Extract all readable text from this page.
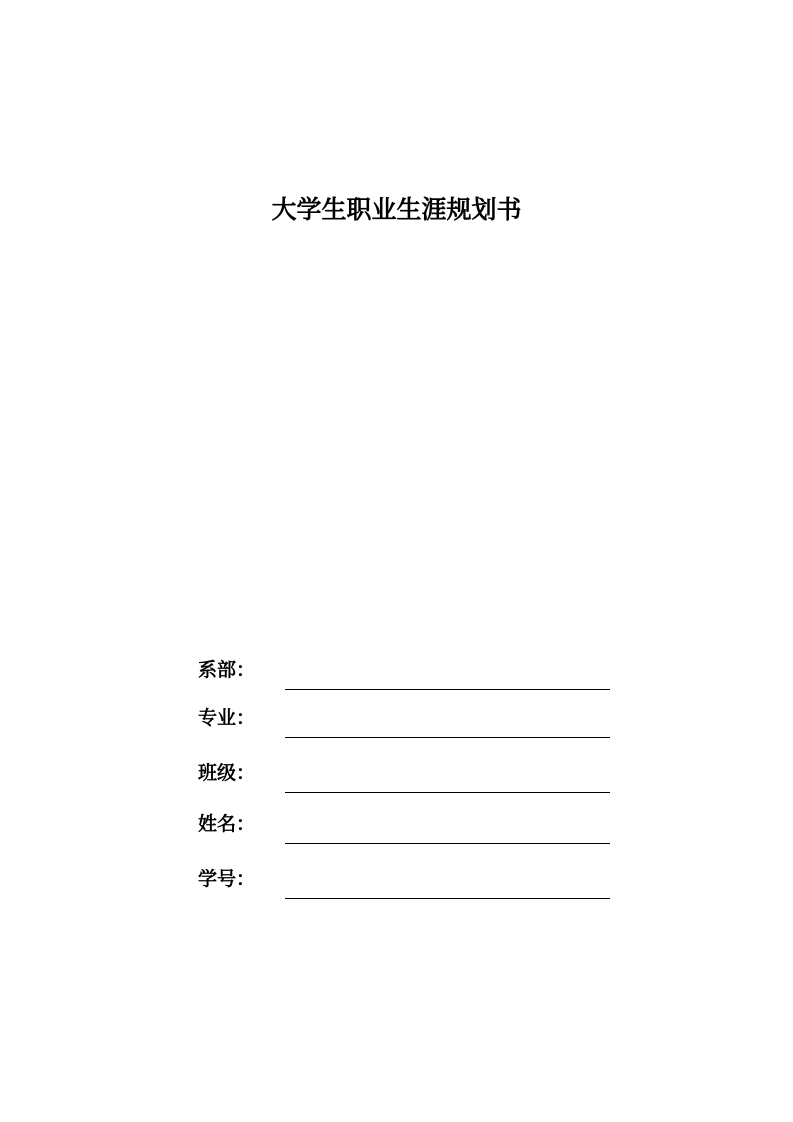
大学生职业生涯规划书
系部：
专业：
班级：
姓名：
学号：
